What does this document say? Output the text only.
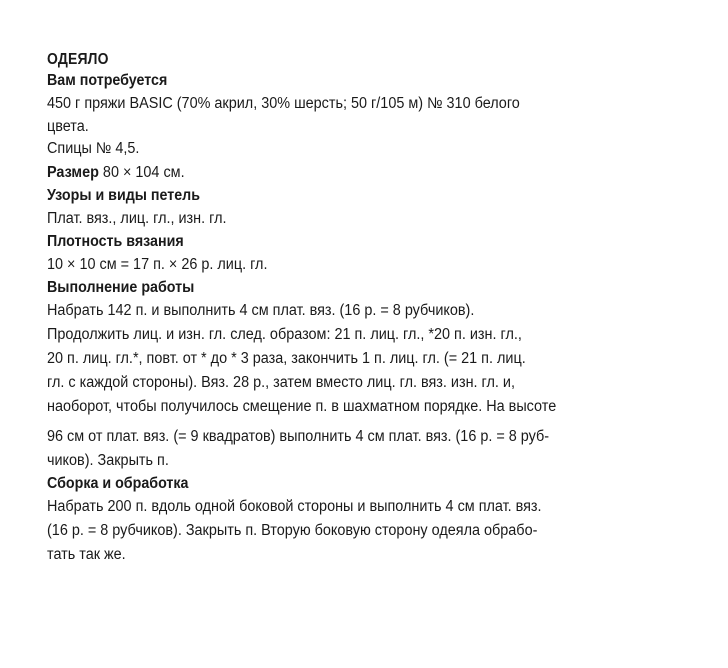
ОДЕЯЛО
Вам потребуется
450 г пряжи BASIC (70% акрил, 30% шерсть; 50 г/105 м) № 310 белого
цвета.
Спицы № 4,5.
Размер 80 × 104 см.
Узоры и виды петель
Плат. вяз., лиц. гл., изн. гл.
Плотность вязания
10 × 10 см = 17 п. × 26 р. лиц. гл.
Выполнение работы
Набрать 142 п. и выполнить 4 см плат. вяз. (16 р. = 8 рубчиков).
Продолжить лиц. и изн. гл. след. образом: 21 п. лиц. гл., *20 п. изн. гл.,
20 п. лиц. гл.*, повт. от * до * 3 раза, закончить 1 п. лиц. гл. (= 21 п. лиц.
гл. с каждой стороны). Вяз. 28 р., затем вместо лиц. гл. вяз. изн. гл. и,
наоборот, чтобы получилось смещение п. в шахматном порядке. На высоте
96 см от плат. вяз. (= 9 квадратов) выполнить 4 см плат. вяз. (16 р. = 8 руб-
чиков). Закрыть п.
Сборка и обработка
Набрать 200 п. вдоль одной боковой стороны и выполнить 4 см плат. вяз.
(16 р. = 8 рубчиков). Закрыть п. Вторую боковую сторону одеяла обрабо-
тать так же.
